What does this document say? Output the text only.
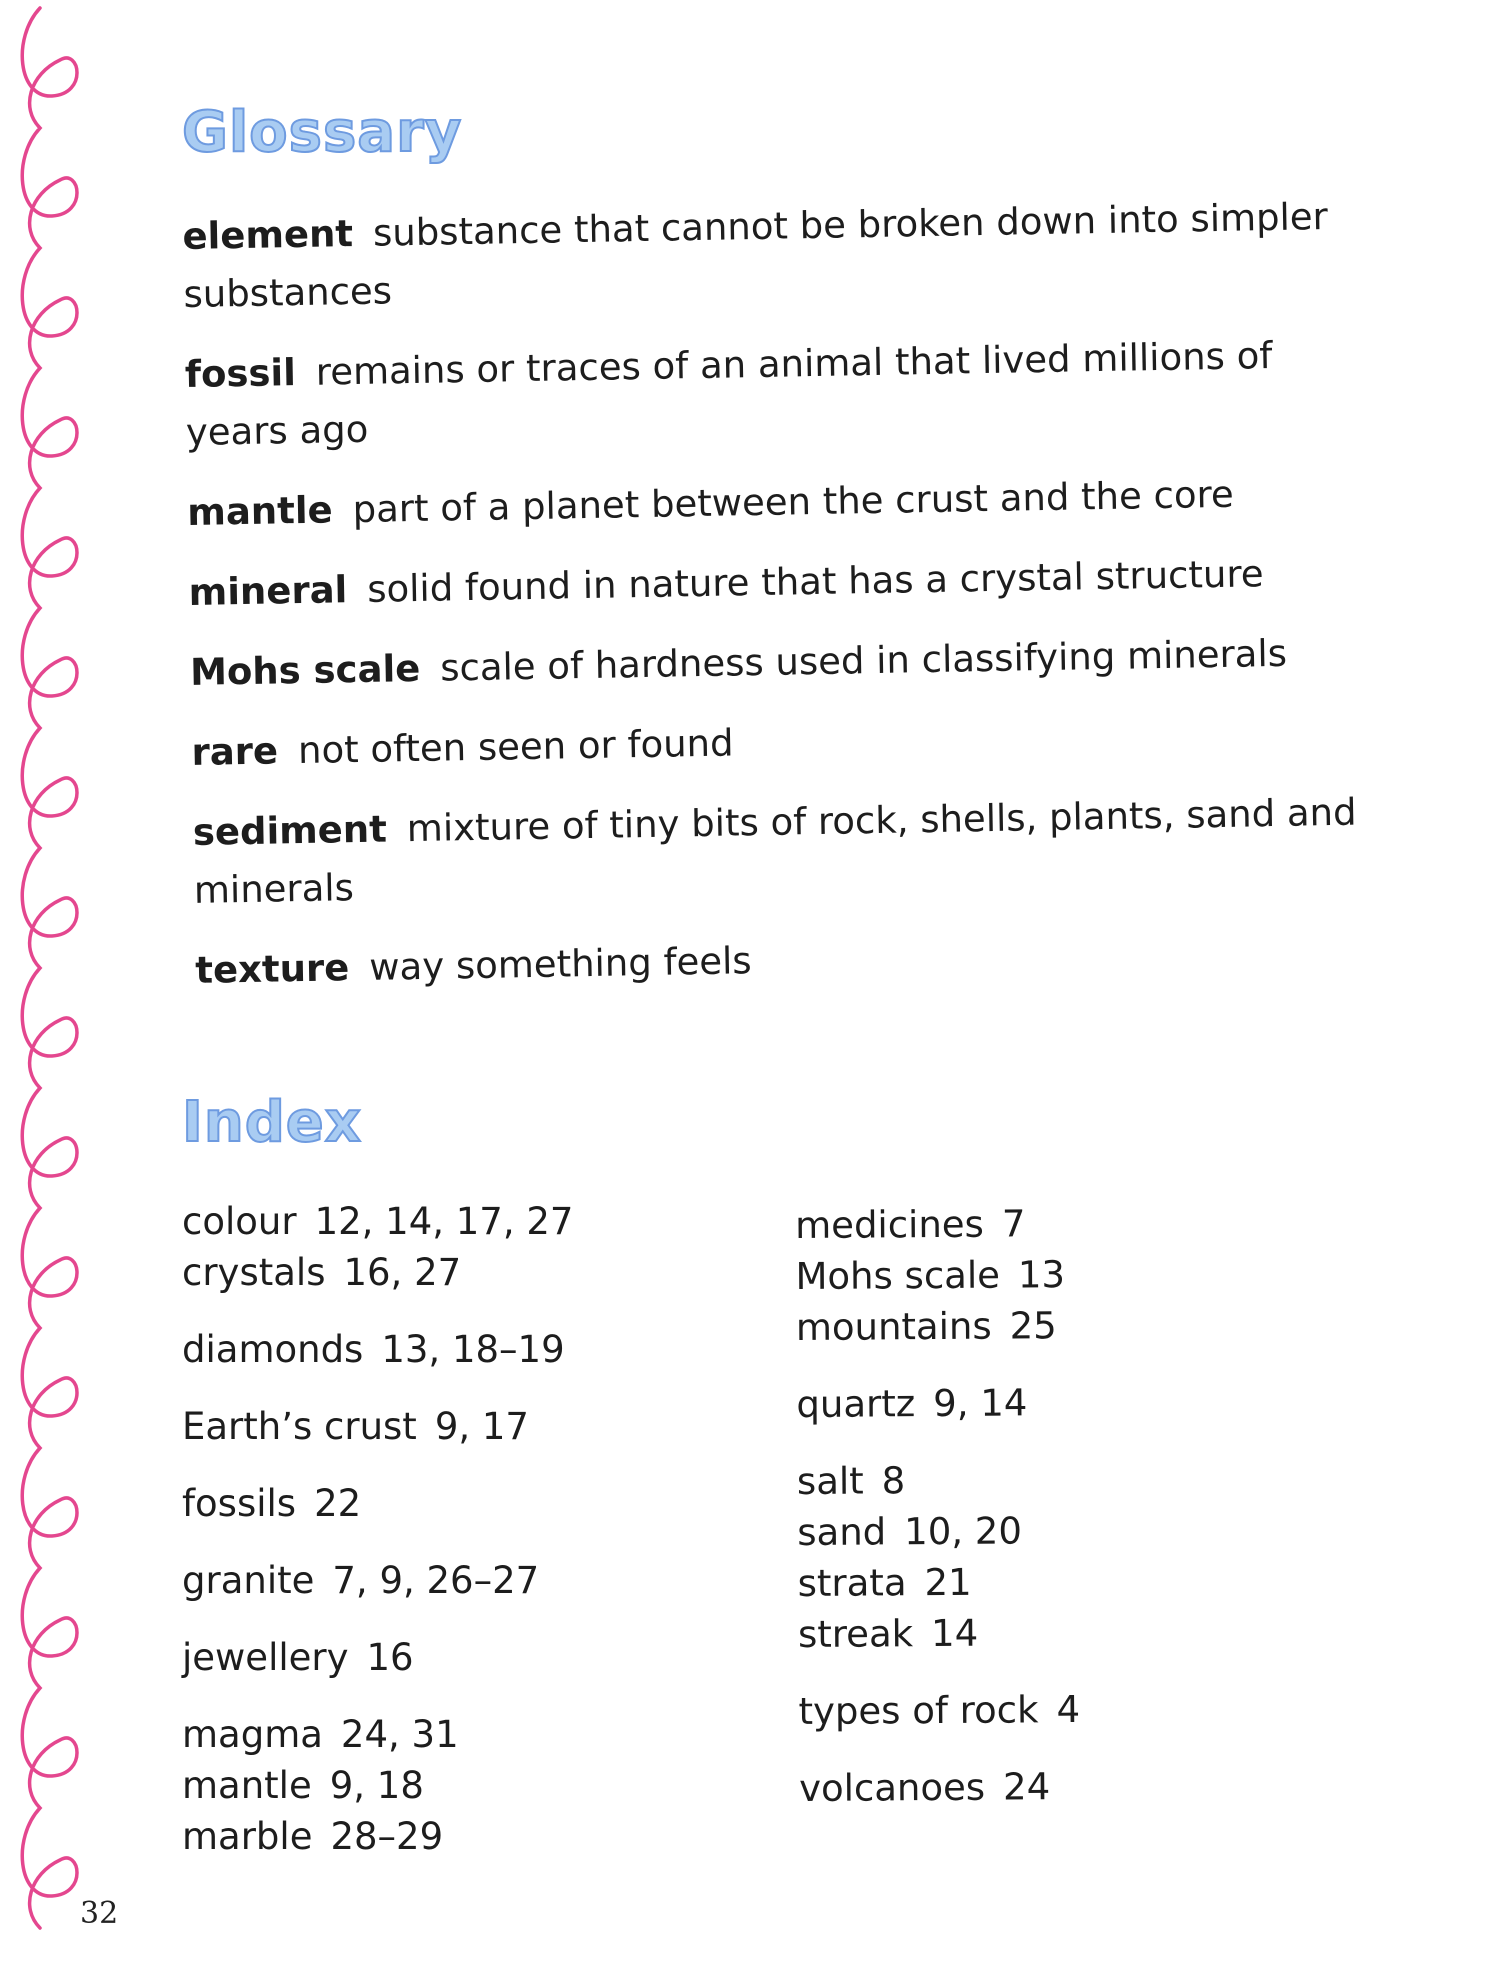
Glossary
element substance that cannot be broken down into simpler substances
fossil remains or traces of an animal that lived millions of years ago
mantle part of a planet between the crust and the core
mineral solid found in nature that has a crystal structure
Mohs scale scale of hardness used in classifying minerals
rare not often seen or found
sediment mixture of tiny bits of rock, shells, plants, sand and minerals
texture way something feels
Index
colour 12, 14, 17, 27
crystals 16, 27
diamonds 13, 18–19
Earth’s crust 9, 17
fossils 22
granite 7, 9, 26–27
jewellery 16
magma 24, 31
mantle 9, 18
marble 28–29
medicines 7
Mohs scale 13
mountains 25
quartz 9, 14
salt 8
sand 10, 20
strata 21
streak 14
types of rock 4
volcanoes 24
32
